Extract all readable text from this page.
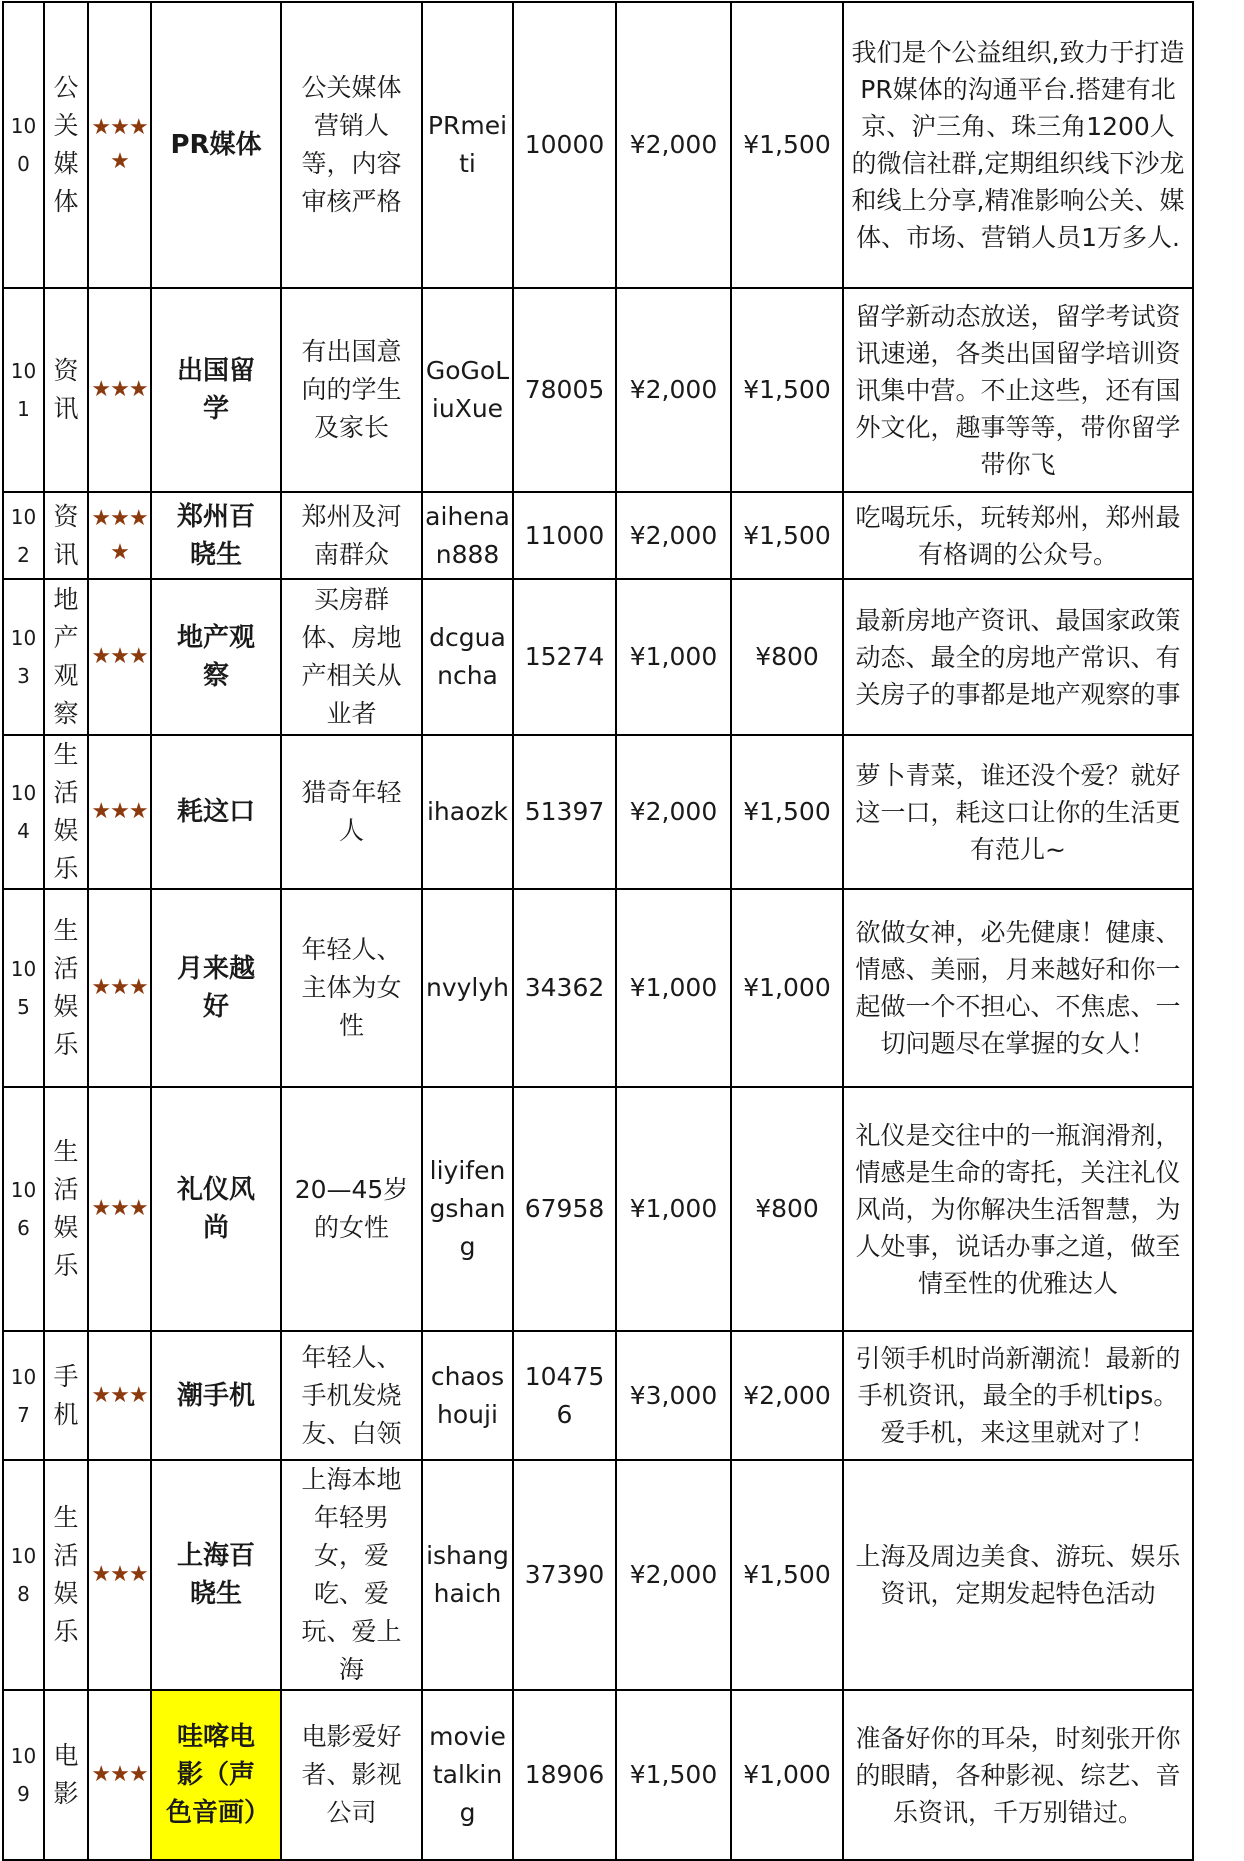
100	公关媒体	★★★★	PR媒体	公关媒体营销人等，内容审核严格	PRmeiti	10000	¥2,000	¥1,500	我们是个公益组织,致力于打造PR媒体的沟通平台.搭建有北京、沪三角、珠三角1200人的微信社群,定期组织线下沙龙和线上分享,精准影响公关、媒体、市场、营销人员1万多人.
101	资讯	★★★	出国留学	有出国意向的学生及家长	GoGoLiuXue	78005	¥2,000	¥1,500	留学新动态放送，留学考试资讯速递，各类出国留学培训资讯集中营。不止这些，还有国外文化，趣事等等，带你留学带你飞
102	资讯	★★★★	郑州百晓生	郑州及河南群众	aihenan888	11000	¥2,000	¥1,500	吃喝玩乐，玩转郑州，郑州最有格调的公众号。
103	地产观察	★★★	地产观察	买房群体、房地产相关从业者	dcguancha	15274	¥1,000	¥800	最新房地产资讯、最国家政策动态、最全的房地产常识、有关房子的事都是地产观察的事
104	生活娱乐	★★★	耗这口	猎奇年轻人	ihaozk	51397	¥2,000	¥1,500	萝卜青菜，谁还没个爱？就好这一口，耗这口让你的生活更有范儿~
105	生活娱乐	★★★	月来越好	年轻人、主体为女性	nvylyh	34362	¥1,000	¥1,000	欲做女神，必先健康！健康、情感、美丽，月来越好和你一起做一个不担心、不焦虑、一切问题尽在掌握的女人！
106	生活娱乐	★★★	礼仪风尚	20—45岁的女性	liyifengshang	67958	¥1,000	¥800	礼仪是交往中的一瓶润滑剂，情感是生命的寄托，关注礼仪风尚，为你解决生活智慧，为人处事，说话办事之道，做至情至性的优雅达人
107	手机	★★★	潮手机	年轻人、手机发烧友、白领	chaoshouji	104756	¥3,000	¥2,000	引领手机时尚新潮流！最新的手机资讯，最全的手机tips。爱手机，来这里就对了！
108	生活娱乐	★★★	上海百晓生	上海本地年轻男女，爱吃、爱玩、爱上海	ishanghaich	37390	¥2,000	¥1,500	上海及周边美食、游玩、娱乐资讯，定期发起特色活动
109	电影	★★★	哇喀电影（声色音画）	电影爱好者、影视公司	movietalking	18906	¥1,500	¥1,000	准备好你的耳朵，时刻张开你的眼睛，各种影视、综艺、音乐资讯，千万别错过。
